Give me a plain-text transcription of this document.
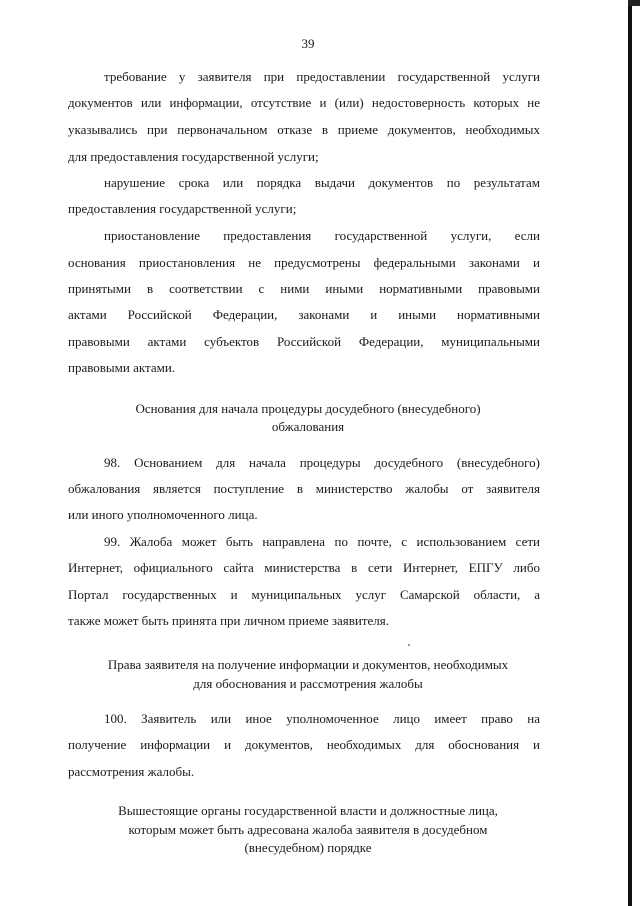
39
требование у заявителя при предоставлении государственной услуги
документов или информации, отсутствие и (или) недостоверность которых не
указывались при первоначальном отказе в приеме документов, необходимых
для предоставления государственной услуги;
нарушение срока или порядка выдачи документов по результатам
предоставления государственной услуги;
приостановление предоставления государственной услуги, если
основания приостановления не предусмотрены федеральными законами и
принятыми в соответствии с ними иными нормативными правовыми
актами Российской Федерации, законами и иными нормативными
правовыми актами субъектов Российской Федерации, муниципальными
правовыми актами.
Основания для начала процедуры досудебного (внесудебного)
обжалования
98. Основанием для начала процедуры досудебного (внесудебного)
обжалования является поступление в министерство жалобы от заявителя
или иного уполномоченного лица.
99. Жалоба может быть направлена по почте, с использованием сети
Интернет, официального сайта министерства в сети Интернет, ЕПГУ либо
Портал государственных и муниципальных услуг Самарской области, а
также может быть принята при личном приеме заявителя.
Права заявителя на получение информации и документов, необходимых
для обоснования и рассмотрения жалобы
100. Заявитель или иное уполномоченное лицо имеет право на
получение информации и документов, необходимых для обоснования и
рассмотрения жалобы.
Вышестоящие органы государственной власти и должностные лица,
которым может быть адресована жалоба заявителя в досудебном
(внесудебном) порядке
